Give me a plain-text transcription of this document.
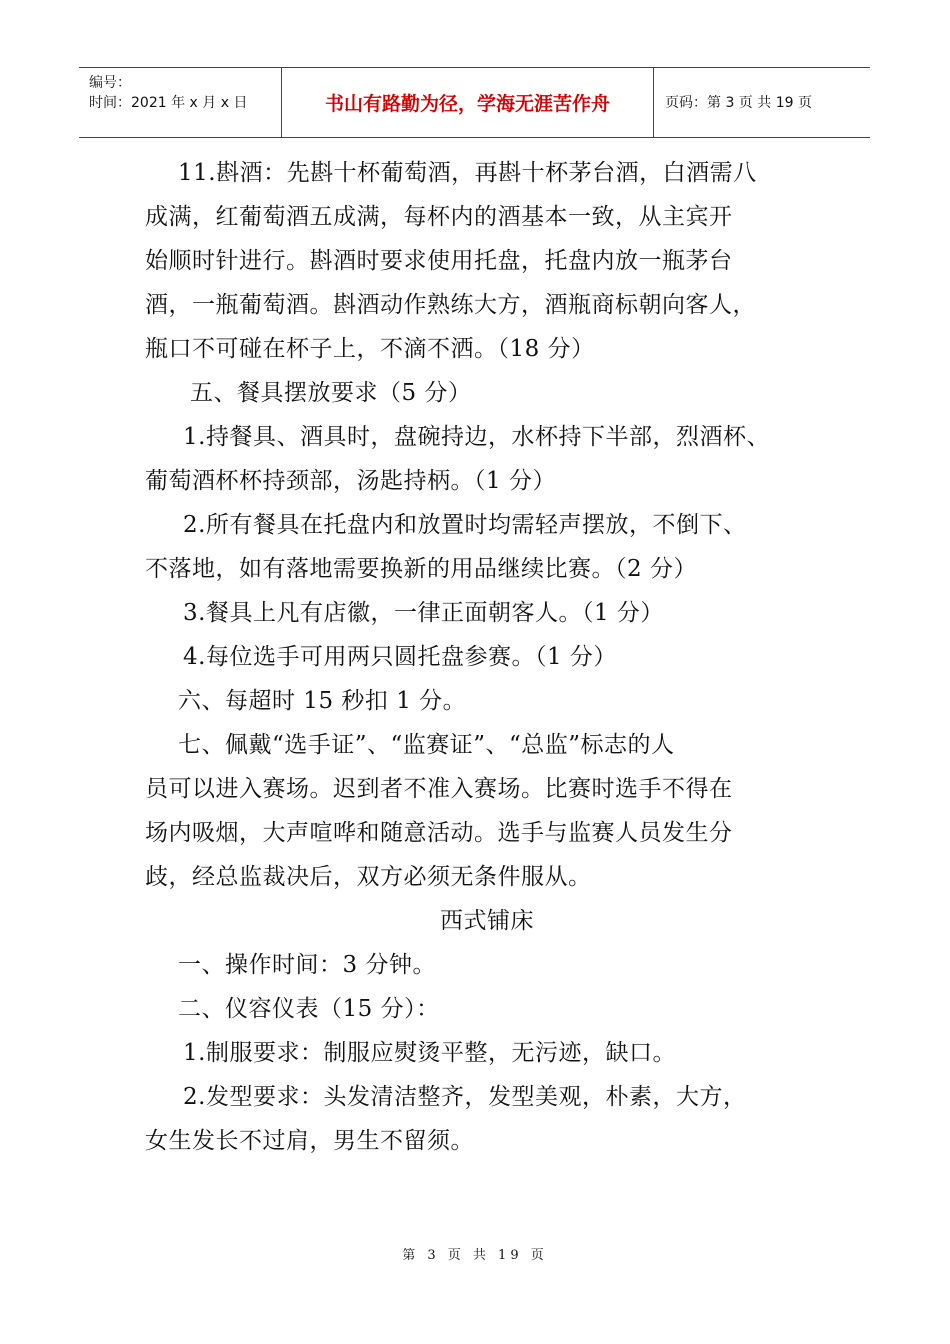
编号：
时间：2021 年 x 月 x 日	书山有路勤为径，学海无涯苦作舟	页码：第 3 页 共 19 页
11.斟酒：先斟十杯葡萄酒，再斟十杯茅台酒，白酒需八
成满，红葡萄酒五成满，每杯内的酒基本一致，从主宾开
始顺时针进行。斟酒时要求使用托盘，托盘内放一瓶茅台
酒，一瓶葡萄酒。斟酒动作熟练大方，酒瓶商标朝向客人，
瓶口不可碰在杯子上，不滴不洒。（18 分）
五、餐具摆放要求（5 分）
1.持餐具、酒具时，盘碗持边，水杯持下半部，烈酒杯、
葡萄酒杯杯持颈部，汤匙持柄。（1 分）
2.所有餐具在托盘内和放置时均需轻声摆放，不倒下、
不落地，如有落地需要换新的用品继续比赛。（2 分）
3.餐具上凡有店徽，一律正面朝客人。（1 分）
4.每位选手可用两只圆托盘参赛。（1 分）
六、每超时 15 秒扣 1 分。
七、佩戴“选手证”、“监赛证”、“总监”标志的人
员可以进入赛场。迟到者不准入赛场。比赛时选手不得在
场内吸烟，大声喧哗和随意活动。选手与监赛人员发生分
歧，经总监裁决后，双方必须无条件服从。
西式铺床
一、操作时间：3 分钟。
二、仪容仪表（15 分）：
1.制服要求：制服应熨烫平整，无污迹，缺口。
2.发型要求：头发清洁整齐，发型美观，朴素，大方，
女生发长不过肩，男生不留须。
第 3 页 共 19 页
